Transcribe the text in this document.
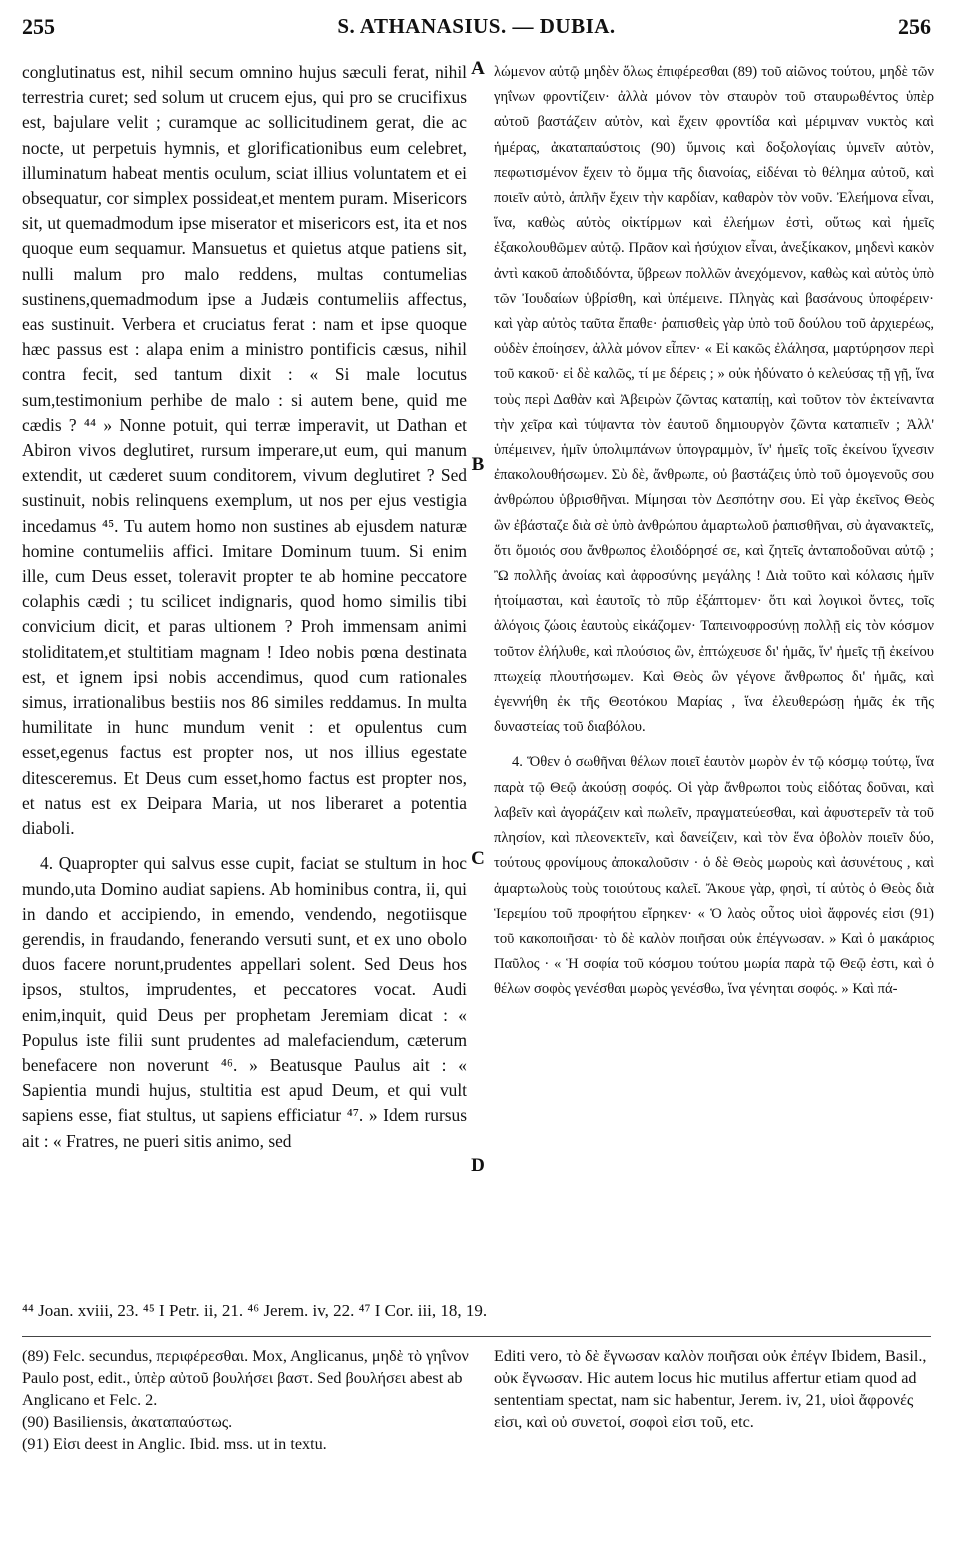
255	S. ATHANASIUS. — DUBIA.	256

conglutinatus est, nihil secum omnino hujus sæculi ferat, nihil terrestria curet; sed solum ut crucem ejus, qui pro se crucifixus est, bajulare velit ; curamque ac sollicitudinem gerat, die ac nocte, ut perpetuis hymnis, et glorificationibus eum celebret, illuminatum habeat mentis oculum, sciat illius voluntatem et ei obsequatur, cor simplex possideat,et mentem puram. Misericors sit, ut quemadmodum ipse miserator et misericors est, ita et nos quoque eum sequamur. Mansuetus et quietus atque patiens sit, nulli malum pro malo reddens, multas contumelias sustinens,quemadmodum ipse a Judæis contumeliis affectus, eas sustinuit. Verbera et cruciatus ferat : nam et ipse quoque hæc passus est : alapa enim a ministro pontificis cæsus, nihil contra fecit, sed tantum dixit : « Si male locutus sum,testimonium perhibe de malo : si autem bene, quid me cædis ? ⁴⁴ » Nonne potuit, qui terræ imperavit, ut Dathan et Abiron vivos deglutiret, rursum imperare,ut eum, qui manum extendit, ut cæderet suum conditorem, vivum deglutiret ? Sed sustinuit, nobis relinquens exemplum, ut nos per ejus vestigia incedamus ⁴⁵. Tu autem homo non sustines ab ejusdem naturæ homine contumeliis affici. Imitare Dominum tuum. Si enim ille, cum Deus esset, toleravit propter te ab homine peccatore colaphis cædi ; tu scilicet indignaris, quod homo similis tibi convicium dicit, et paras ultionem ? Proh immensam animi stoliditatem,et stultitiam magnam ! Ideo nobis pœna destinata est, et ignem ipsi nobis accendimus, quod cum rationales simus, irrationalibus bestiis nos 86 similes reddamus. In multa humilitate in hunc mundum venit : et opulentus cum esset,egenus factus est propter nos, ut nos illius egestate ditesceremus. Et Deus cum esset,homo factus est propter nos, et natus est ex Deipara Maria, ut nos liberaret a potentia diaboli.

4. Quapropter qui salvus esse cupit, faciat se stultum in hoc mundo,uta Domino audiat sapiens. Ab hominibus contra, ii, qui in dando et accipiendo, in emendo, vendendo, negotiisque gerendis, in fraudando, fenerando versuti sunt, et ex uno obolo duos facere norunt,prudentes appellari solent. Sed Deus hos ipsos, stultos, imprudentes, et peccatores vocat. Audi enim,inquit, quid Deus per prophetam Jeremiam dicat : « Populus iste filii sunt prudentes ad malefaciendum, cæterum benefacere non noverunt ⁴⁶. » Beatusque Paulus ait : « Sapientia mundi hujus, stultitia est apud Deum, et qui vult sapiens esse, fiat stultus, ut sapiens efficiatur ⁴⁷. » Idem rursus ait : « Fratres, ne pueri sitis animo, sed

λώμενον αὐτῷ μηδὲν ὅλως ἐπιφέρεσθαι (89) τοῦ αἰῶνος τούτου, μηδὲ τῶν γηΐνων φροντίζειν· ἀλλὰ μόνον τὸν σταυρὸν τοῦ σταυρωθέντος ὑπὲρ αὐτοῦ βαστάζειν αὐτὸν, καὶ ἔχειν φροντίδα καὶ μέριμναν νυκτὸς καὶ ἡμέρας, ἀκαταπαύστοις (90) ὕμνοις καὶ δοξολογίαις ὑμνεῖν αὐτὸν, πεφωτισμένον ἔχειν τὸ ὄμμα τῆς διανοίας, εἰδέναι τὸ θέλημα αὐτοῦ, καὶ ποιεῖν αὐτὸ, ἁπλῆν ἔχειν τὴν καρδίαν, καθαρὸν τὸν νοῦν. Ἐλεήμονα εἶναι, ἵνα, καθὼς αὐτὸς οἰκτίρμων καὶ ἐλεήμων ἐστὶ, οὕτως καὶ ἡμεῖς ἐξακολουθῶμεν αὐτῷ. Πρᾶον καὶ ἡσύχιον εἶναι, ἀνεξίκακον, μηδενὶ κακὸν ἀντὶ κακοῦ ἀποδιδόντα, ὕβρεων πολλῶν ἀνεχόμενον, καθὼς καὶ αὐτὸς ὑπὸ τῶν Ἰουδαίων ὑβρίσθη, καὶ ὑπέμεινε. Πληγὰς καὶ βασάνους ὑποφέρειν· καὶ γὰρ αὐτὸς ταῦτα ἔπαθε· ῥαπισθεὶς γὰρ ὑπὸ τοῦ δούλου τοῦ ἀρχιερέως, οὐδὲν ἐποίησεν, ἀλλὰ μόνον εἶπεν· « Εἰ κακῶς ἐλάλησα, μαρτύρησον περὶ τοῦ κακοῦ· εἰ δὲ καλῶς, τί με δέρεις ; » οὐκ ἠδύνατο ὁ κελεύσας τῇ γῇ, ἵνα τοὺς περὶ Δαθὰν καὶ Ἀβειρὼν ζῶντας καταπίῃ, καὶ τοῦτον τὸν ἐκτείναντα τὴν χεῖρα καὶ τύψαντα τὸν ἑαυτοῦ δημιουργὸν ζῶντα καταπιεῖν ; Ἀλλ' ὑπέμεινεν, ἡμῖν ὑπολιμπάνων ὑπογραμμὸν, ἵν' ἡμεῖς τοῖς ἐκείνου ἴχνεσιν ἐπακολουθήσωμεν. Σὺ δὲ, ἄνθρωπε, οὐ βαστάζεις ὑπὸ τοῦ ὁμογενοῦς σου ἀνθρώπου ὑβρισθῆναι. Μίμησαι τὸν Δεσπότην σου. Εἰ γὰρ ἐκεῖνος Θεὸς ὢν ἐβάσταζε διὰ σὲ ὑπὸ ἀνθρώπου ἁμαρτωλοῦ ῥαπισθῆναι, σὺ ἀγανακτεῖς, ὅτι ὅμοιός σου ἄνθρωπος ἐλοιδόρησέ σε, καὶ ζητεῖς ἀνταποδοῦναι αὐτῷ ; Ὢ πολλῆς ἀνοίας καὶ ἀφροσύνης μεγάλης ! Διὰ τοῦτο καὶ κόλασις ἡμῖν ἡτοίμασται, καὶ ἑαυτοῖς τὸ πῦρ ἐξάπτομεν· ὅτι καὶ λογικοὶ ὄντες, τοῖς ἀλόγοις ζώοις ἑαυτοὺς εἰκάζομεν· Ταπεινοφροσύνῃ πολλῇ εἰς τὸν κόσμον τοῦτον ἐλήλυθε, καὶ πλούσιος ὢν, ἐπτώχευσε δι' ἡμᾶς, ἵν' ἡμεῖς τῇ ἐκείνου πτωχείᾳ πλουτήσωμεν. Καὶ Θεὸς ὢν γέγονε ἄνθρωπος δι' ἡμᾶς, καὶ ἐγεννήθη ἐκ τῆς Θεοτόκου Μαρίας , ἵνα ἐλευθερώσῃ ἡμᾶς ἐκ τῆς δυναστείας τοῦ διαβόλου.

4. Ὅθεν ὁ σωθῆναι θέλων ποιεῖ ἑαυτὸν μωρὸν ἐν τῷ κόσμῳ τούτῳ, ἵνα παρὰ τῷ Θεῷ ἀκούσῃ σοφός. Οἱ γὰρ ἄνθρωποι τοὺς εἰδότας δοῦναι, καὶ λαβεῖν καὶ ἀγοράζειν καὶ πωλεῖν, πραγματεύεσθαι, καὶ ἀφυστερεῖν τὰ τοῦ πλησίον, καὶ πλεονεκτεῖν, καὶ δανείζειν, καὶ τὸν ἕνα ὀβολὸν ποιεῖν δύο, τούτους φρονίμους ἀποκαλοῦσιν · ὁ δὲ Θεὸς μωροὺς καὶ ἀσυνέτους , καὶ ἁμαρτωλοὺς τοὺς τοιούτους καλεῖ. Ἄκουε γὰρ, φησὶ, τί αὐτὸς ὁ Θεὸς διὰ Ἱερεμίου τοῦ προφήτου εἴρηκεν· « Ὁ λαὸς οὗτος υἱοὶ ἄφρονές εἰσι (91) τοῦ κακοποιῆσαι· τὸ δὲ καλὸν ποιῆσαι οὐκ ἐπέγνωσαν. » Καὶ ὁ μακάριος Παῦλος · « Ἡ σοφία τοῦ κόσμου τούτου μωρία παρὰ τῷ Θεῷ ἐστι, καὶ ὁ θέλων σοφὸς γενέσθαι μωρὸς γενέσθω, ἵνα γένηται σοφός. » Καὶ πά-

A
B
C
D
⁴⁴ Joan. xviii, 23. ⁴⁵ I Petr. ii, 21. ⁴⁶ Jerem. iv, 22. ⁴⁷ I Cor. iii, 18, 19.

(89) Felc. secundus, περιφέρεσθαι. Mox, Anglicanus, μηδὲ τὸ γηΐνον Paulo post, edit., ὑπὲρ αὐτοῦ βουλήσει βαστ. Sed βουλήσει abest ab Anglicano et Felc. 2.

(90) Basiliensis, ἀκαταπαύστως.

(91) Εἰσι deest in Anglic. Ibid. mss. ut in textu.

Editi vero, τὸ δὲ ἔγνωσαν καλὸν ποιῆσαι οὐκ ἐπέγν Ibidem, Basil., οὐκ ἔγνωσαν. Hic autem locus hic mutilus affertur etiam quod ad sententiam spectat, nam sic habentur, Jerem. iv, 21, υἱοὶ ἄφρονές εἰσι, καὶ οὐ συνετοί, σοφοὶ εἰσι τοῦ, etc.
